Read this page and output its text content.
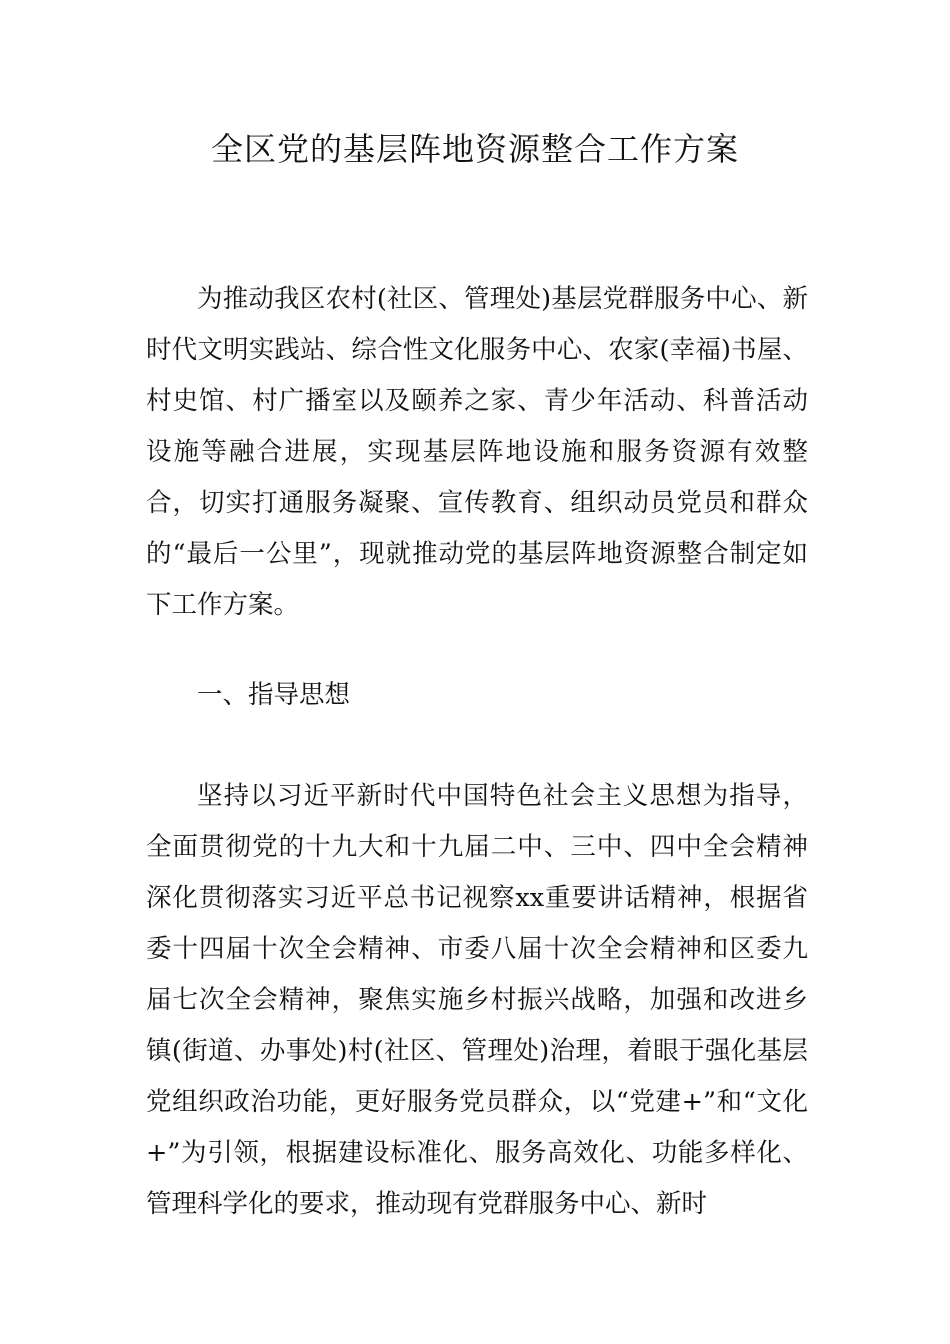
全区党的基层阵地资源整合工作方案

为推动我区农村(社区、管理处)基层党群服务中心、新时代文明实践站、综合性文化服务中心、农家(幸福)书屋、村史馆、村广播室以及颐养之家、青少年活动、科普活动设施等融合进展，实现基层阵地设施和服务资源有效整合，切实打通服务凝聚、宣传教育、组织动员党员和群众的“最后一公里”，现就推动党的基层阵地资源整合制定如下工作方案。

一、指导思想

坚持以习近平新时代中国特色社会主义思想为指导，全面贯彻党的十九大和十九届二中、三中、四中全会精神深化贯彻落实习近平总书记视察xx重要讲话精神，根据省委十四届十次全会精神、市委八届十次全会精神和区委九届七次全会精神，聚焦实施乡村振兴战略，加强和改进乡镇(街道、办事处)村(社区、管理处)治理，着眼于强化基层党组织政治功能，更好服务党员群众，以“党建+”和“文化+”为引领，根据建设标准化、服务高效化、功能多样化、管理科学化的要求，推动现有党群服务中心、新时
